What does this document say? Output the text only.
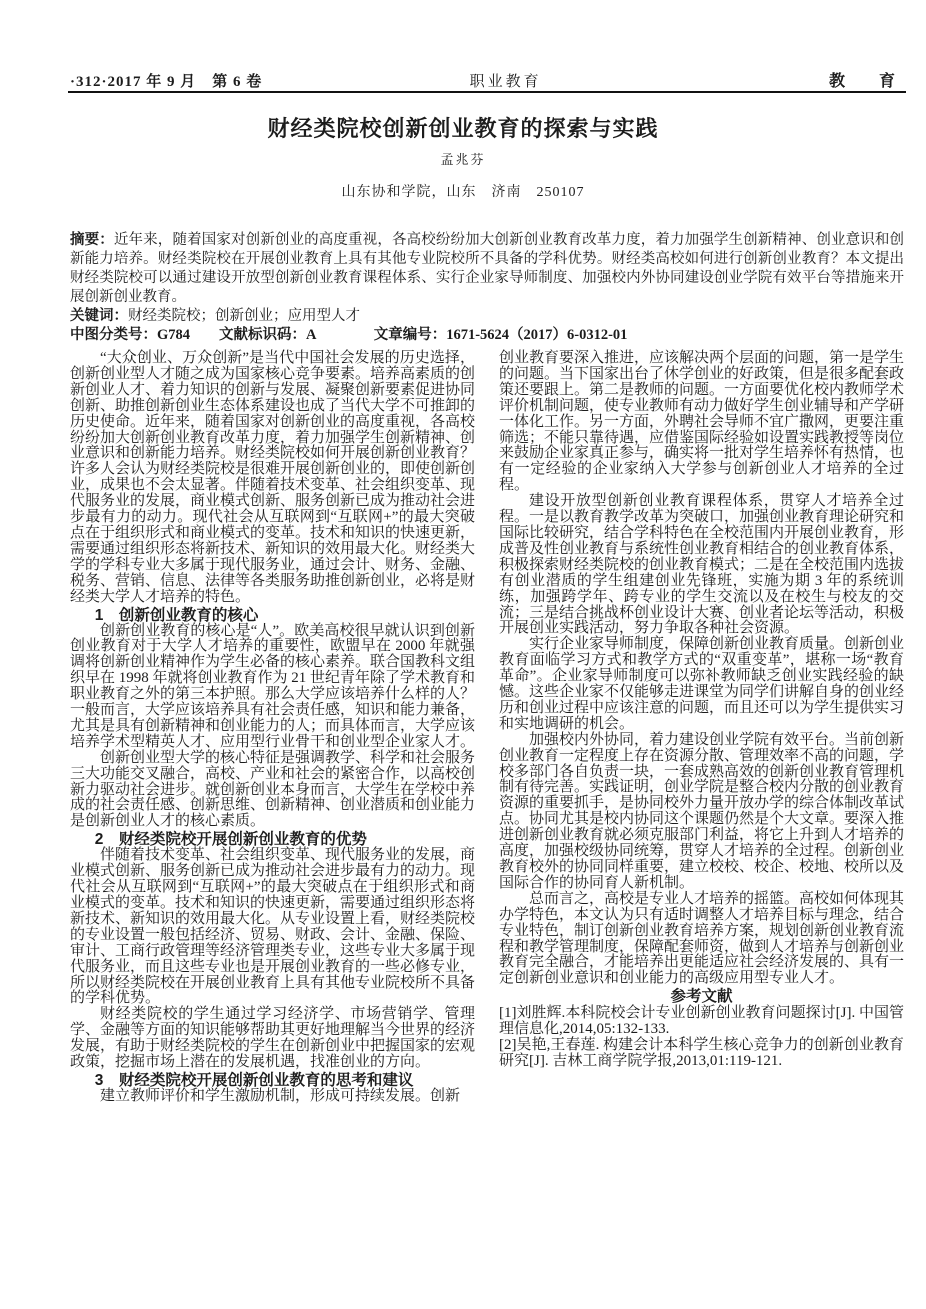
·312·2017 年 9 月　第 6 卷	职业教育	教　育
财经类院校创新创业教育的探索与实践
孟兆芬
山东协和学院，山东　济南　250107

摘要：近年来，随着国家对创新创业的高度重视，各高校纷纷加大创新创业教育改革力度，着力加强学生创新精神、创业意识和创新能力培养。财经类院校在开展创业教育上具有其他专业院校所不具备的学科优势。财经类高校如何进行创新创业教育？本文提出财经类院校可以通过建设开放型创新创业教育课程体系、实行企业家导师制度、加强校内外协同建设创业学院有效平台等措施来开展创新创业教育。

关键词：财经类院校；创新创业；应用型人才

中图分类号：G784　　文献标识码：A　　　　文章编号：1671-5624（2017）6-0312-01

“大众创业、万众创新”是当代中国社会发展的历史选择，创新创业型人才随之成为国家核心竞争要素。培养高素质的创新创业人才、着力知识的创新与发展、凝聚创新要素促进协同创新、助推创新创业生态体系建设也成了当代大学不可推卸的历史使命。近年来，随着国家对创新创业的高度重视，各高校纷纷加大创新创业教育改革力度，着力加强学生创新精神、创业意识和创新能力培养。财经类院校如何开展创新创业教育？许多人会认为财经类院校是很难开展创新创业的，即使创新创业，成果也不会太显著。伴随着技术变革、社会组织变革、现代服务业的发展，商业模式创新、服务创新已成为推动社会进步最有力的动力。现代社会从互联网到“互联网+”的最大突破点在于组织形式和商业模式的变革。技术和知识的快速更新，需要通过组织形态将新技术、新知识的效用最大化。财经类大学的学科专业大多属于现代服务业，通过会计、财务、金融、税务、营销、信息、法律等各类服务助推创新创业，必将是财经类大学人才培养的特色。

1　创新创业教育的核心

创新创业教育的核心是“人”。欧美高校很早就认识到创新创业教育对于大学人才培养的重要性，欧盟早在 2000 年就强调将创新创业精神作为学生必备的核心素养。联合国教科文组织早在 1998 年就将创业教育作为 21 世纪青年除了学术教育和职业教育之外的第三本护照。那么大学应该培养什么样的人？一般而言，大学应该培养具有社会责任感，知识和能力兼备，尤其是具有创新精神和创业能力的人；而具体而言，大学应该培养学术型精英人才、应用型行业骨干和创业型企业家人才。

创新创业型大学的核心特征是强调教学、科学和社会服务三大功能交叉融合，高校、产业和社会的紧密合作，以高校创新力驱动社会进步。就创新创业本身而言，大学生在学校中养成的社会责任感、创新思维、创新精神、创业潜质和创业能力是创新创业人才的核心素质。

2　财经类院校开展创新创业教育的优势

伴随着技术变革、社会组织变革、现代服务业的发展，商业模式创新、服务创新已成为推动社会进步最有力的动力。现代社会从互联网到“互联网+”的最大突破点在于组织形式和商业模式的变革。技术和知识的快速更新，需要通过组织形态将新技术、新知识的效用最大化。从专业设置上看，财经类院校的专业设置一般包括经济、贸易、财政、会计、金融、保险、审计、工商行政管理等经济管理类专业，这些专业大多属于现代服务业，而且这些专业也是开展创业教育的一些必修专业，所以财经类院校在开展创业教育上具有其他专业院校所不具备的学科优势。

财经类院校的学生通过学习经济学、市场营销学、管理学、金融等方面的知识能够帮助其更好地理解当今世界的经济发展，有助于财经类院校的学生在创新创业中把握国家的宏观政策，挖掘市场上潜在的发展机遇，找准创业的方向。

3　财经类院校开展创新创业教育的思考和建议

建立教师评价和学生激励机制，形成可持续发展。创新

创业教育要深入推进，应该解决两个层面的问题，第一是学生的问题。当下国家出台了休学创业的好政策，但是很多配套政策还要跟上。第二是教师的问题。一方面要优化校内教师学术评价机制问题，使专业教师有动力做好学生创业辅导和产学研一体化工作。另一方面，外聘社会导师不宜广撒网，更要注重筛选；不能只靠待遇，应借鉴国际经验如设置实践教授等岗位来鼓励企业家真正参与，确实将一批对学生培养怀有热情，也有一定经验的企业家纳入大学参与创新创业人才培养的全过程。

建设开放型创新创业教育课程体系，贯穿人才培养全过程。一是以教育教学改革为突破口，加强创业教育理论研究和国际比较研究，结合学科特色在全校范围内开展创业教育，形成普及性创业教育与系统性创业教育相结合的创业教育体系，积极探索财经类院校的创业教育模式；二是在全校范围内选拔有创业潜质的学生组建创业先锋班，实施为期 3 年的系统训练，加强跨学年、跨专业的学生交流以及在校生与校友的交流；三是结合挑战杯创业设计大赛、创业者论坛等活动，积极开展创业实践活动，努力争取各种社会资源。

实行企业家导师制度，保障创新创业教育质量。创新创业教育面临学习方式和教学方式的“双重变革”，堪称一场“教育革命”。企业家导师制度可以弥补教师缺乏创业实践经验的缺憾。这些企业家不仅能够走进课堂为同学们讲解自身的创业经历和创业过程中应该注意的问题，而且还可以为学生提供实习和实地调研的机会。

加强校内外协同，着力建设创业学院有效平台。当前创新创业教育一定程度上存在资源分散、管理效率不高的问题，学校多部门各自负责一块，一套成熟高效的创新创业教育管理机制有待完善。实践证明，创业学院是整合校内分散的创业教育资源的重要抓手，是协同校外力量开放办学的综合体制改革试点。协同尤其是校内协同这个课题仍然是个大文章。要深入推进创新创业教育就必须克服部门利益，将它上升到人才培养的高度，加强校级协同统筹，贯穿人才培养的全过程。创新创业教育校外的协同同样重要，建立校校、校企、校地、校所以及国际合作的协同育人新机制。

总而言之，高校是专业人才培养的摇篮。高校如何体现其办学特色，本文认为只有适时调整人才培养目标与理念，结合专业特色，制订创新创业教育培养方案，规划创新创业教育流程和教学管理制度，保障配套师资，做到人才培养与创新创业教育完全融合，才能培养出更能适应社会经济发展的、具有一定创新创业意识和创业能力的高级应用型专业人才。

参考文献

[1]刘胜辉.本科院校会计专业创新创业教育问题探讨[J]. 中国管理信息化,2014,05:132-133.

[2]吴艳,王春莲. 构建会计本科学生核心竞争力的创新创业教育研究[J]. 吉林工商学院学报,2013,01:119-121.
